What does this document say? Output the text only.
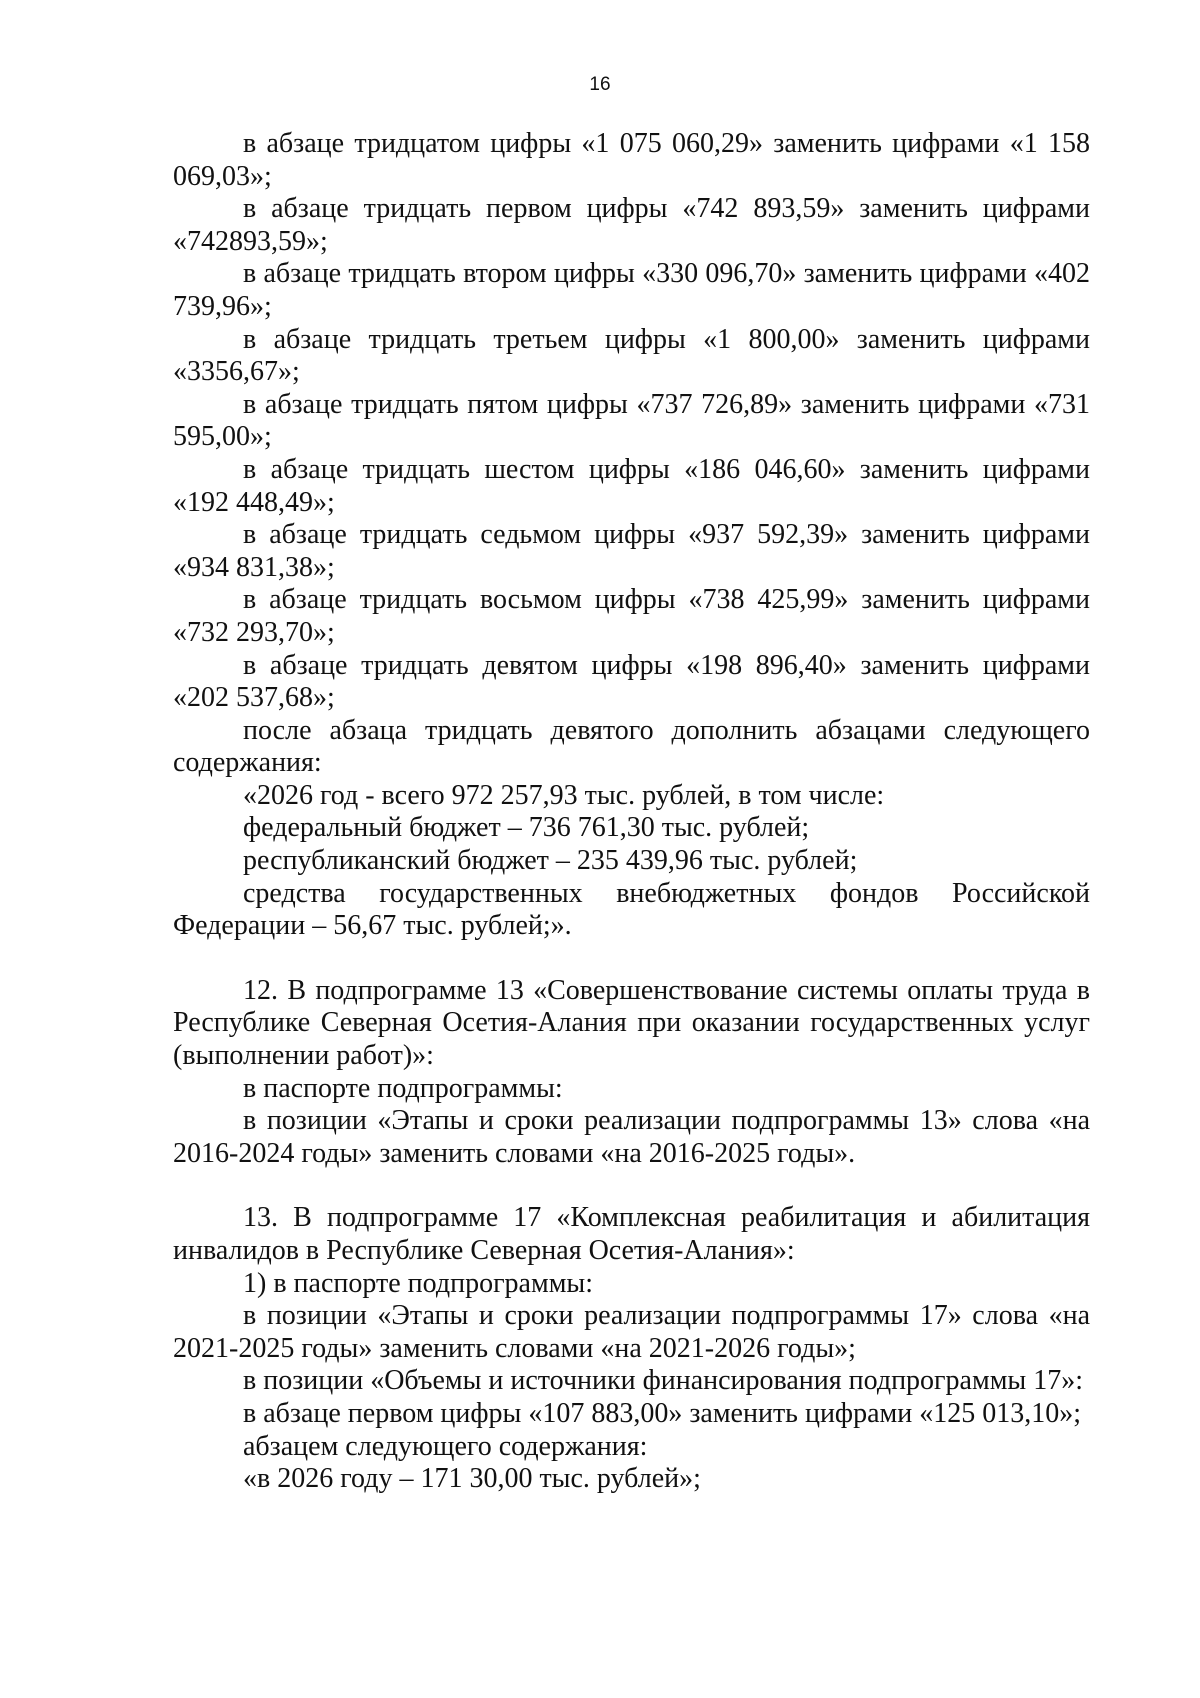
16

в абзаце тридцатом цифры «1 075 060,29» заменить цифрами «1 158 069,03»;

в абзаце тридцать первом цифры «742 893,59» заменить цифрами «742893,59»;

в абзаце тридцать втором цифры «330 096,70» заменить цифрами «402 739,96»;

в абзаце тридцать третьем цифры «1 800,00» заменить цифрами «3356,67»;

в абзаце тридцать пятом цифры «737 726,89» заменить цифрами «731 595,00»;

в абзаце тридцать шестом цифры «186 046,60» заменить цифрами «192 448,49»;

в абзаце тридцать седьмом цифры «937 592,39» заменить цифрами «934 831,38»;

в абзаце тридцать восьмом цифры «738 425,99» заменить цифрами «732 293,70»;

в абзаце тридцать девятом цифры «198 896,40» заменить цифрами «202 537,68»;

после абзаца тридцать девятого дополнить абзацами следующего содержания:

«2026 год - всего 972 257,93 тыс. рублей, в том числе:

федеральный бюджет – 736 761,30 тыс. рублей;

республиканский бюджет – 235 439,96 тыс. рублей;

средства государственных внебюджетных фондов Российской Федерации – 56,67 тыс. рублей;».

12. В подпрограмме 13 «Совершенствование системы оплаты труда в Республике Северная Осетия-Алания при оказании государственных услуг (выполнении работ)»:

в паспорте подпрограммы:

в позиции «Этапы и сроки реализации подпрограммы 13» слова «на 2016-2024 годы» заменить словами «на 2016-2025 годы».

13. В подпрограмме 17 «Комплексная реабилитация и абилитация инвалидов в Республике Северная Осетия-Алания»:

1) в паспорте подпрограммы:

в позиции «Этапы и сроки реализации подпрограммы 17» слова «на 2021-2025 годы» заменить словами «на 2021-2026 годы»;

в позиции «Объемы и источники финансирования подпрограммы 17»:

в абзаце первом цифры «107 883,00» заменить цифрами «125 013,10»;

абзацем следующего содержания:

«в 2026 году – 171 30,00 тыс. рублей»;
